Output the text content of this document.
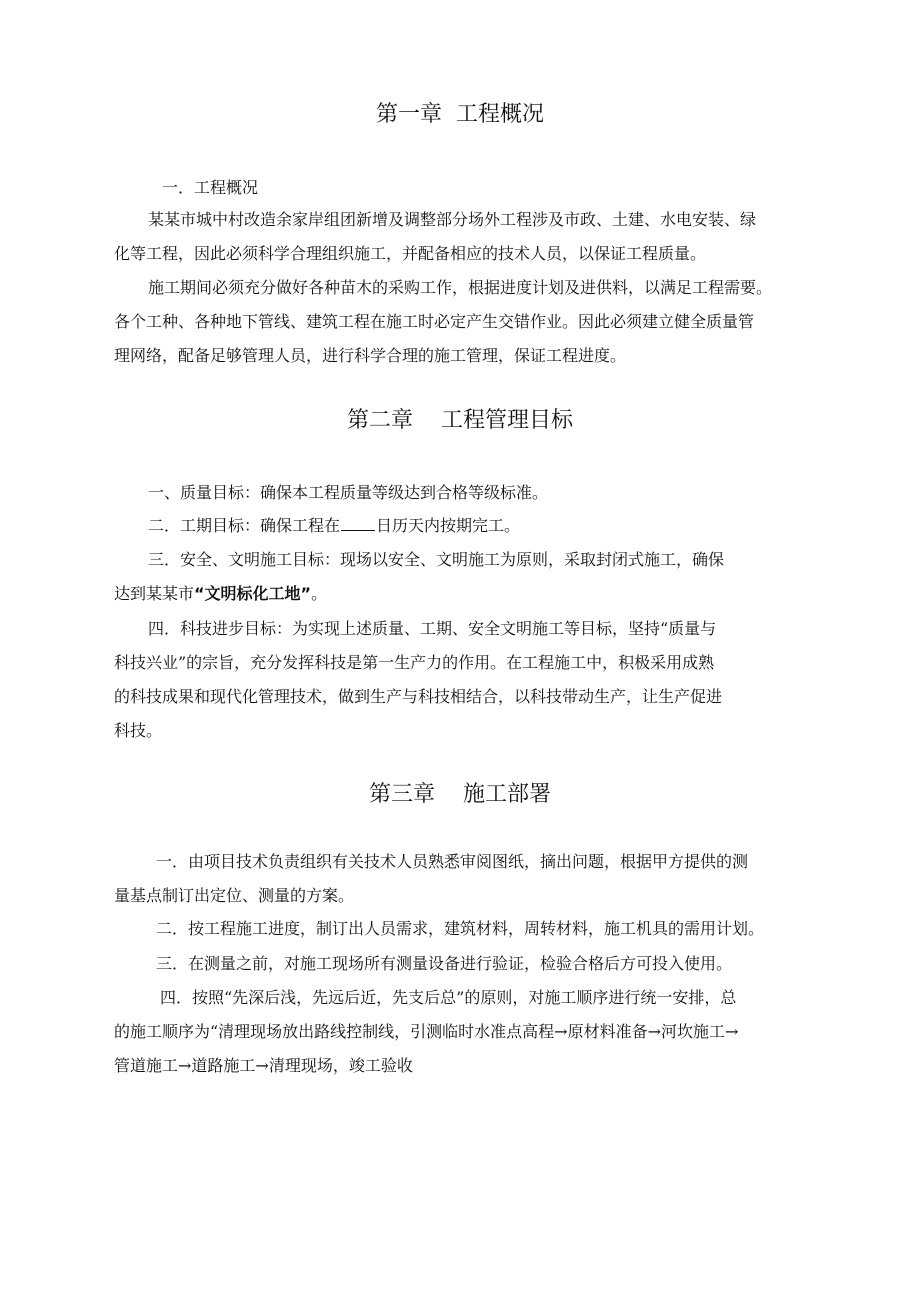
第一章  工程概况
一．工程概况
某某市城中村改造余家岸组团新增及调整部分场外工程涉及市政、土建、水电安装、绿
化等工程，因此必须科学合理组织施工，并配备相应的技术人员，以保证工程质量。
施工期间必须充分做好各种苗木的采购工作，根据进度计划及进供料，以满足工程需要。
各个工种、各种地下管线、建筑工程在施工时必定产生交错作业。因此必须建立健全质量管
理网络，配备足够管理人员，进行科学合理的施工管理，保证工程进度。
第二章    工程管理目标
一、质量目标：确保本工程质量等级达到合格等级标准。
二．工期目标：确保工程在 日历天内按期完工。
三．安全、文明施工目标：现场以安全、文明施工为原则，采取封闭式施工，确保
达到某某市“文明标化工地”。
四．科技进步目标：为实现上述质量、工期、安全文明施工等目标，坚持“质量与
科技兴业”的宗旨，充分发挥科技是第一生产力的作用。在工程施工中，积极采用成熟
的科技成果和现代化管理技术，做到生产与科技相结合，以科技带动生产，让生产促进
科技。
第三章    施工部署
一．由项目技术负责组织有关技术人员熟悉审阅图纸，摘出问题，根据甲方提供的测
量基点制订出定位、测量的方案。
二．按工程施工进度，制订出人员需求，建筑材料，周转材料，施工机具的需用计划。
三．在测量之前，对施工现场所有测量设备进行验证，检验合格后方可投入使用。
四．按照“先深后浅，先远后近，先支后总”的原则，对施工顺序进行统一安排，总
的施工顺序为“清理现场放出路线控制线，引测临时水准点高程→原材料准备→河坎施工→
管道施工→道路施工→清理现场，竣工验收
